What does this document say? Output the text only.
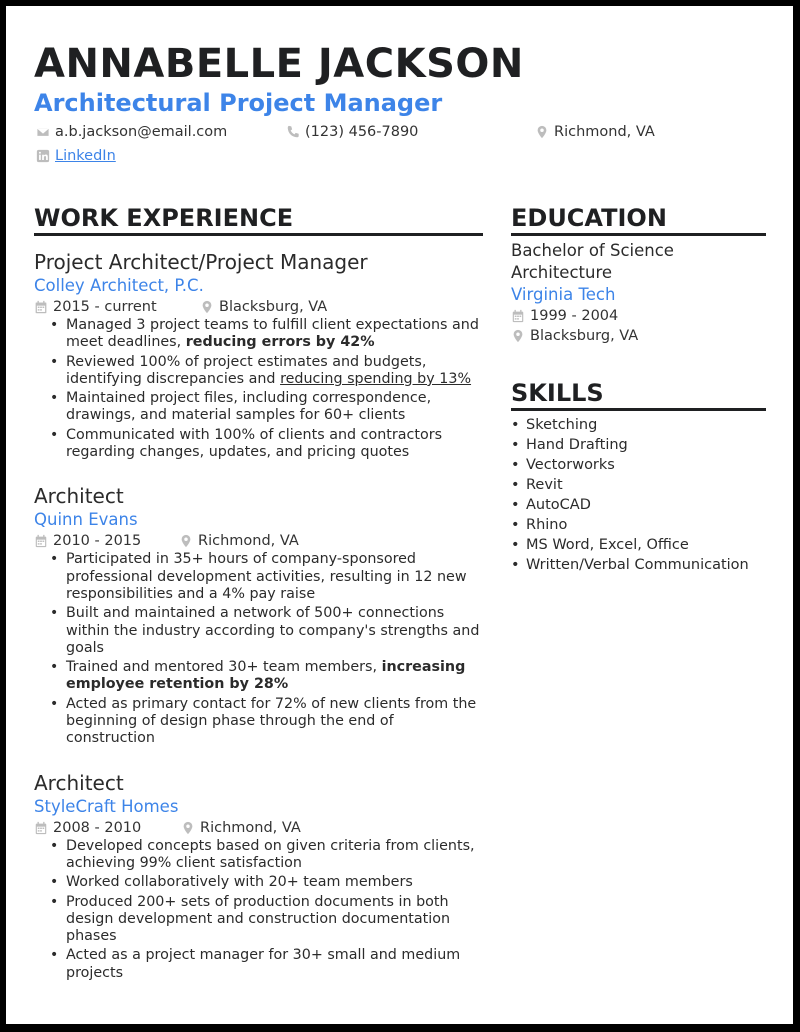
ANNABELLE JACKSON
Architectural Project Manager
a.b.jackson@email.com	(123) 456-7890	Richmond, VA
LinkedIn
WORK EXPERIENCE
Project Architect/Project Manager
Colley Architect, P.C.
2015 - current	Blacksburg, VA
• Managed 3 project teams to fulfill client expectations and meet deadlines, reducing errors by 42%
• Reviewed 100% of project estimates and budgets, identifying discrepancies and reducing spending by 13%
• Maintained project files, including correspondence, drawings, and material samples for 60+ clients
• Communicated with 100% of clients and contractors regarding changes, updates, and pricing quotes
Architect
Quinn Evans
2010 - 2015	Richmond, VA
• Participated in 35+ hours of company-sponsored professional development activities, resulting in 12 new responsibilities and a 4% pay raise
• Built and maintained a network of 500+ connections within the industry according to company's strengths and goals
• Trained and mentored 30+ team members, increasing employee retention by 28%
• Acted as primary contact for 72% of new clients from the beginning of design phase through the end of construction
Architect
StyleCraft Homes
2008 - 2010	Richmond, VA
• Developed concepts based on given criteria from clients, achieving 99% client satisfaction
• Worked collaboratively with 20+ team members
• Produced 200+ sets of production documents in both design development and construction documentation phases
• Acted as a project manager for 30+ small and medium projects
EDUCATION
Bachelor of Science
Architecture
Virginia Tech
1999 - 2004
Blacksburg, VA
SKILLS
• Sketching
• Hand Drafting
• Vectorworks
• Revit
• AutoCAD
• Rhino
• MS Word, Excel, Office
• Written/Verbal Communication
